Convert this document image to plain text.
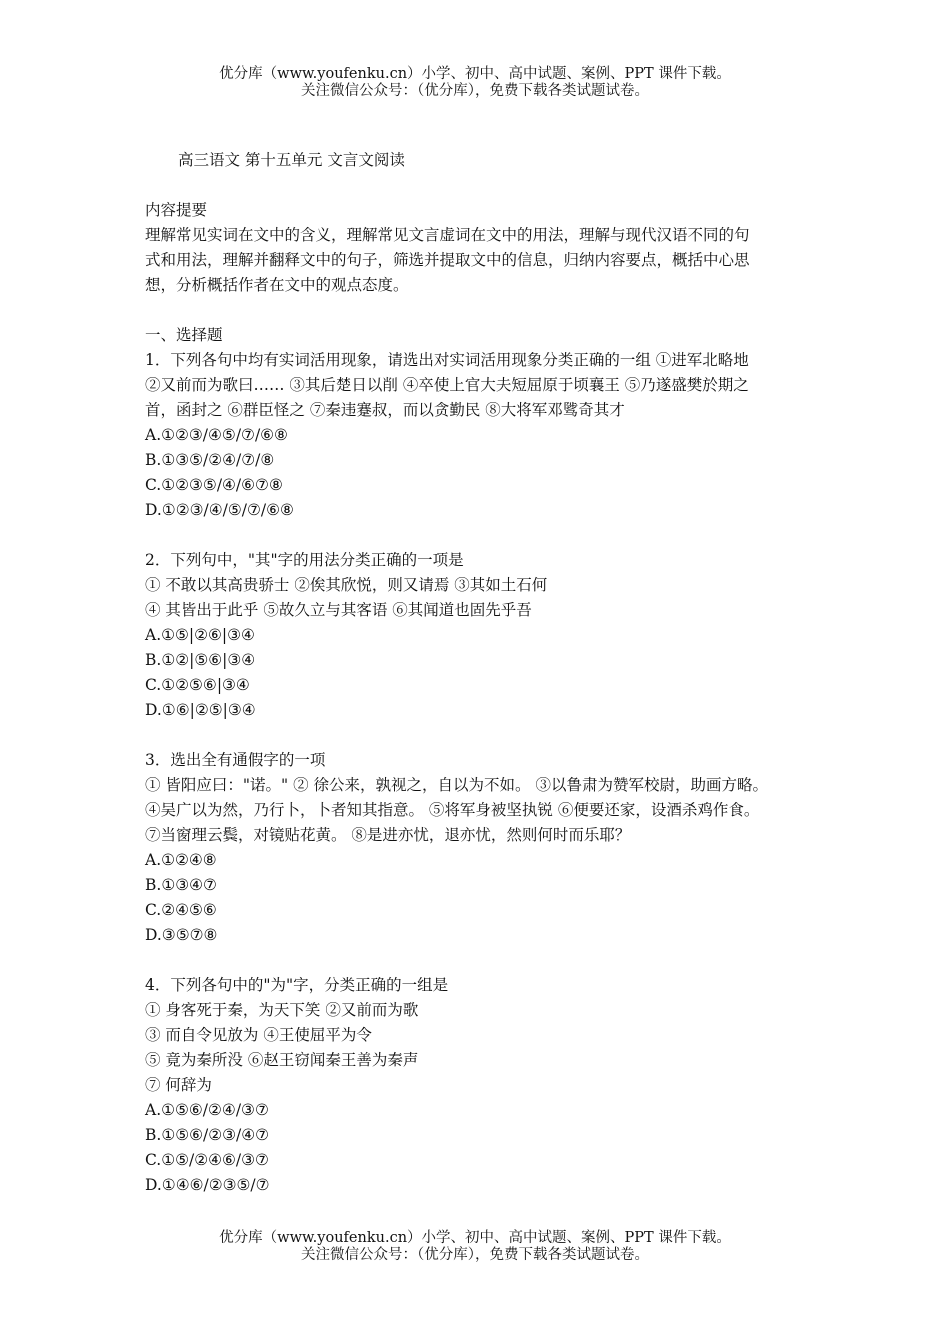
优分库（www.youfenku.cn）小学、初中、高中试题、案例、PPT 课件下载。
关注微信公众号：（优分库），免费下载各类试题试卷。
高三语文 第十五单元 文言文阅读
内容提要
理解常见实词在文中的含义，理解常见文言虚词在文中的用法，理解与现代汉语不同的句
式和用法，理解并翻释文中的句子，筛选并提取文中的信息，归纳内容要点，概括中心思
想，分析概括作者在文中的观点态度。
一、选择题
1．下列各句中均有实词活用现象，请选出对实词活用现象分类正确的一组 ①进军北略地
②又前而为歌曰…… ③其后楚日以削 ④卒使上官大夫短屈原于顷襄王 ⑤乃遂盛樊於期之
首，函封之 ⑥群臣怪之 ⑦秦违蹇叔，而以贪勤民 ⑧大将军邓骘奇其才
A.①②③/④⑤/⑦/⑥⑧
B.①③⑤/②④/⑦/⑧
C.①②③⑤/④/⑥⑦⑧
D.①②③/④/⑤/⑦/⑥⑧
2．下列句中，"其"字的用法分类正确的一项是
① 不敢以其高贵骄士 ②俟其欣悦，则又请焉 ③其如土石何
④ 其皆出于此乎 ⑤故久立与其客语 ⑥其闻道也固先乎吾
A.①⑤|②⑥|③④
B.①②|⑤⑥|③④
C.①②⑤⑥|③④
D.①⑥|②⑤|③④
3．选出全有通假字的一项
① 皆阳应曰："诺。" ② 徐公来，孰视之，自以为不如。 ③以鲁肃为赞军校尉，助画方略。
④吴广以为然，乃行卜，卜者知其指意。 ⑤将军身被坚执锐 ⑥便要还家，设酒杀鸡作食。
⑦当窗理云鬓，对镜贴花黄。 ⑧是进亦忧，退亦忧，然则何时而乐耶？
A.①②④⑧
B.①③④⑦
C.②④⑤⑥
D.③⑤⑦⑧
4．下列各句中的"为"字，分类正确的一组是
① 身客死于秦，为天下笑 ②又前而为歌
③ 而自令见放为 ④王使屈平为令
⑤ 竟为秦所没 ⑥赵王窃闻秦王善为秦声
⑦ 何辞为
A.①⑤⑥/②④/③⑦
B.①⑤⑥/②③/④⑦
C.①⑤/②④⑥/③⑦
D.①④⑥/②③⑤/⑦
优分库（www.youfenku.cn）小学、初中、高中试题、案例、PPT 课件下载。
关注微信公众号：（优分库），免费下载各类试题试卷。
